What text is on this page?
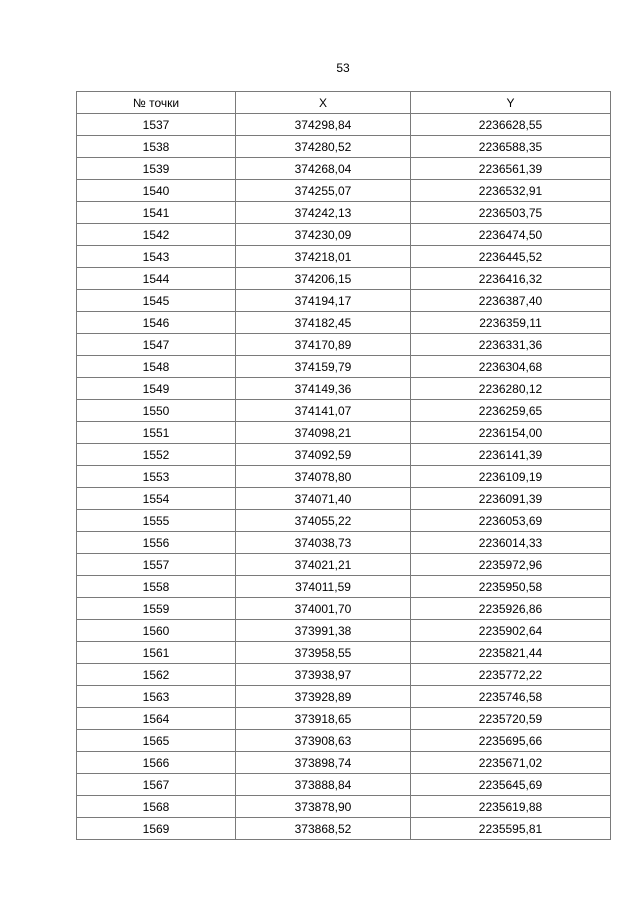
53
№ точки	X	Y
1537	374298,84	2236628,55
1538	374280,52	2236588,35
1539	374268,04	2236561,39
1540	374255,07	2236532,91
1541	374242,13	2236503,75
1542	374230,09	2236474,50
1543	374218,01	2236445,52
1544	374206,15	2236416,32
1545	374194,17	2236387,40
1546	374182,45	2236359,11
1547	374170,89	2236331,36
1548	374159,79	2236304,68
1549	374149,36	2236280,12
1550	374141,07	2236259,65
1551	374098,21	2236154,00
1552	374092,59	2236141,39
1553	374078,80	2236109,19
1554	374071,40	2236091,39
1555	374055,22	2236053,69
1556	374038,73	2236014,33
1557	374021,21	2235972,96
1558	374011,59	2235950,58
1559	374001,70	2235926,86
1560	373991,38	2235902,64
1561	373958,55	2235821,44
1562	373938,97	2235772,22
1563	373928,89	2235746,58
1564	373918,65	2235720,59
1565	373908,63	2235695,66
1566	373898,74	2235671,02
1567	373888,84	2235645,69
1568	373878,90	2235619,88
1569	373868,52	2235595,81
